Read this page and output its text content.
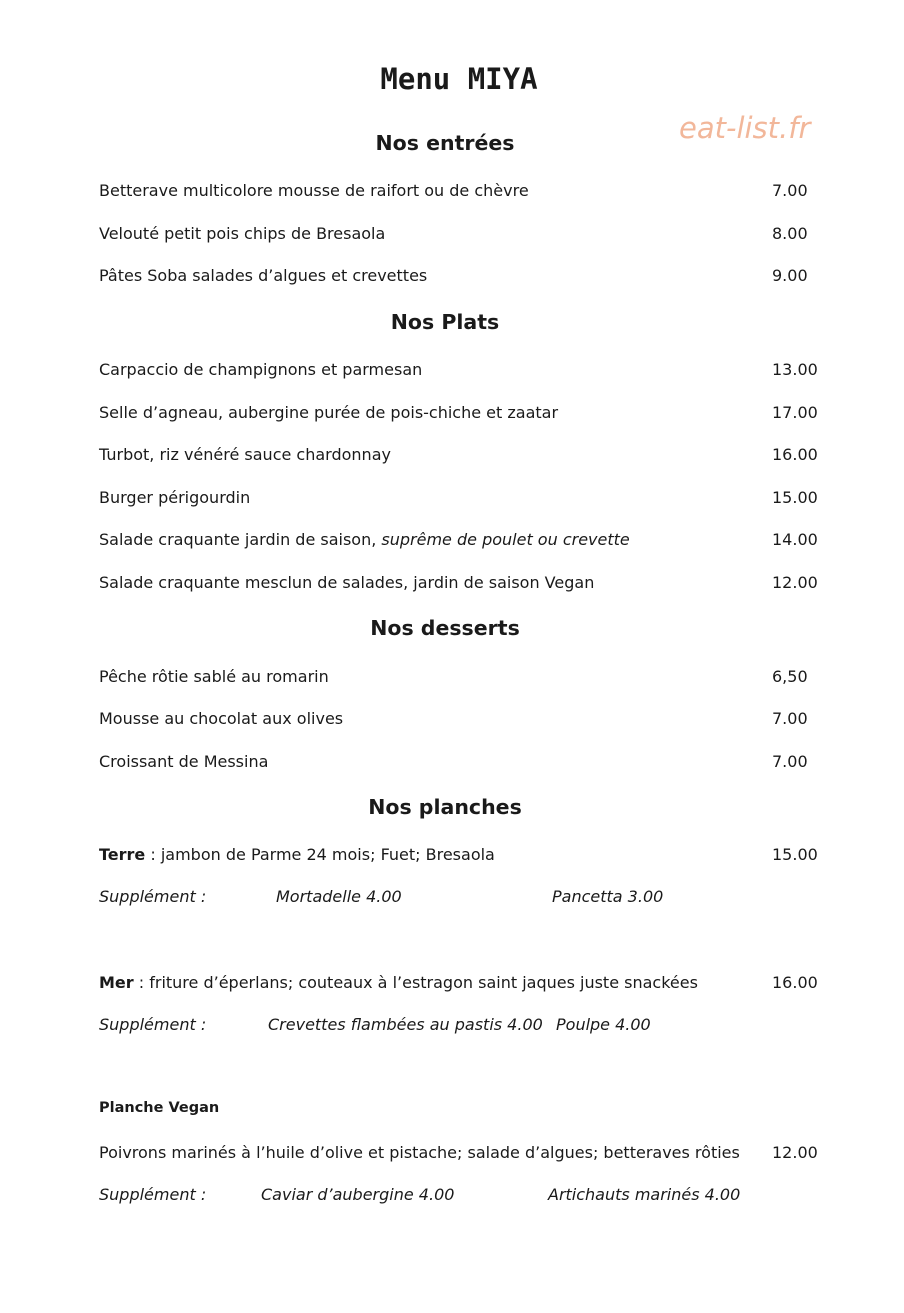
Menu MIYA
eat-list.fr
Nos entrées
Betterave multicolore mousse de raifort ou de chèvre	7.00
Velouté petit pois chips de Bresaola	8.00
Pâtes Soba salades d’algues et crevettes	9.00
Nos Plats
Carpaccio de champignons et parmesan	13.00
Selle d’agneau, aubergine purée de pois-chiche et zaatar	17.00
Turbot, riz vénéré sauce chardonnay	16.00
Burger périgourdin	15.00
Salade craquante jardin de saison, suprême de poulet ou crevette	14.00
Salade craquante mesclun de salades, jardin de saison Vegan	12.00
Nos desserts
Pêche rôtie sablé au romarin	6,50
Mousse au chocolat aux olives	7.00
Croissant de Messina	7.00
Nos planches
Terre : jambon de Parme 24 mois; Fuet; Bresaola	15.00
Supplément :	Mortadelle 4.00	Pancetta 3.00
Mer : friture d’éperlans; couteaux à l’estragon saint jaques juste snackées	16.00
Supplément :	Crevettes flambées au pastis 4.00 Poulpe 4.00
Planche Vegan
Poivrons marinés à l’huile d’olive et pistache; salade d’algues; betteraves rôties 12.00
Supplément :	Caviar d’aubergine 4.00	Artichauts marinés 4.00
